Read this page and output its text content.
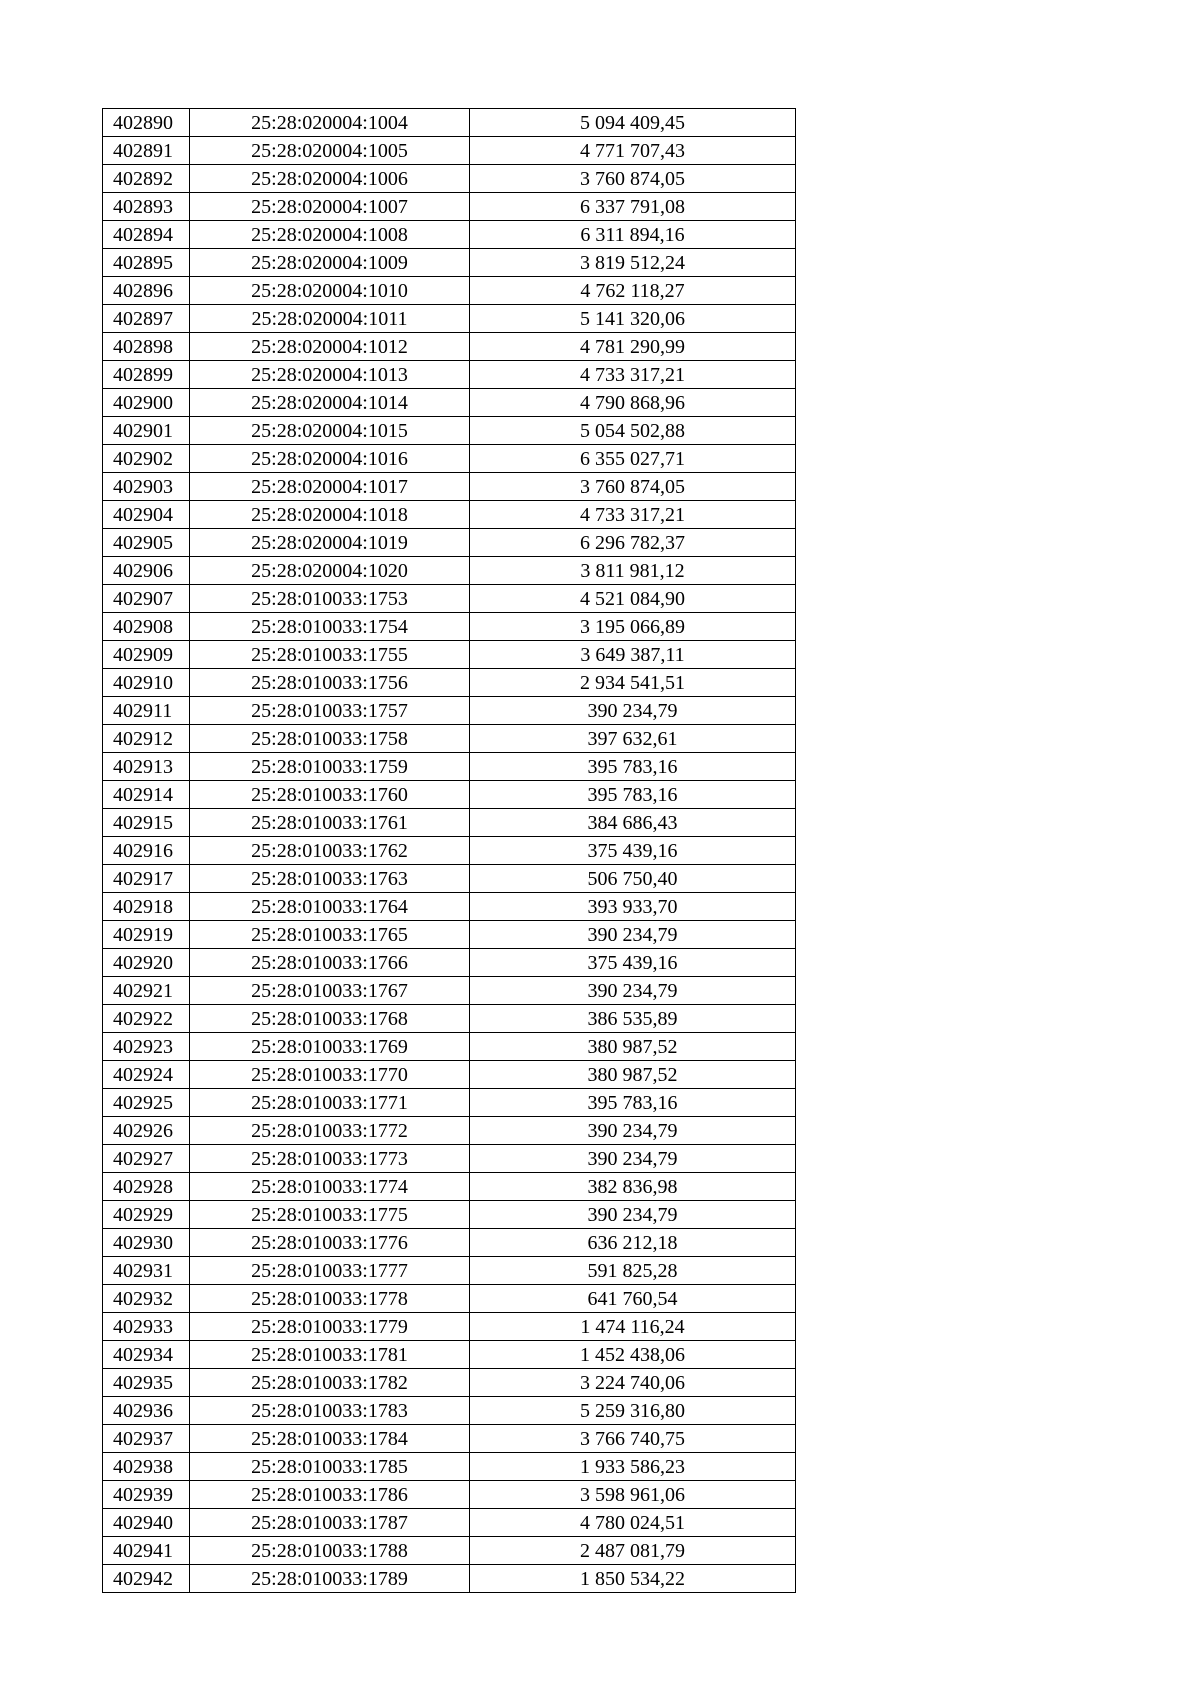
402890	25:28:020004:1004	5 094 409,45
402891	25:28:020004:1005	4 771 707,43
402892	25:28:020004:1006	3 760 874,05
402893	25:28:020004:1007	6 337 791,08
402894	25:28:020004:1008	6 311 894,16
402895	25:28:020004:1009	3 819 512,24
402896	25:28:020004:1010	4 762 118,27
402897	25:28:020004:1011	5 141 320,06
402898	25:28:020004:1012	4 781 290,99
402899	25:28:020004:1013	4 733 317,21
402900	25:28:020004:1014	4 790 868,96
402901	25:28:020004:1015	5 054 502,88
402902	25:28:020004:1016	6 355 027,71
402903	25:28:020004:1017	3 760 874,05
402904	25:28:020004:1018	4 733 317,21
402905	25:28:020004:1019	6 296 782,37
402906	25:28:020004:1020	3 811 981,12
402907	25:28:010033:1753	4 521 084,90
402908	25:28:010033:1754	3 195 066,89
402909	25:28:010033:1755	3 649 387,11
402910	25:28:010033:1756	2 934 541,51
402911	25:28:010033:1757	390 234,79
402912	25:28:010033:1758	397 632,61
402913	25:28:010033:1759	395 783,16
402914	25:28:010033:1760	395 783,16
402915	25:28:010033:1761	384 686,43
402916	25:28:010033:1762	375 439,16
402917	25:28:010033:1763	506 750,40
402918	25:28:010033:1764	393 933,70
402919	25:28:010033:1765	390 234,79
402920	25:28:010033:1766	375 439,16
402921	25:28:010033:1767	390 234,79
402922	25:28:010033:1768	386 535,89
402923	25:28:010033:1769	380 987,52
402924	25:28:010033:1770	380 987,52
402925	25:28:010033:1771	395 783,16
402926	25:28:010033:1772	390 234,79
402927	25:28:010033:1773	390 234,79
402928	25:28:010033:1774	382 836,98
402929	25:28:010033:1775	390 234,79
402930	25:28:010033:1776	636 212,18
402931	25:28:010033:1777	591 825,28
402932	25:28:010033:1778	641 760,54
402933	25:28:010033:1779	1 474 116,24
402934	25:28:010033:1781	1 452 438,06
402935	25:28:010033:1782	3 224 740,06
402936	25:28:010033:1783	5 259 316,80
402937	25:28:010033:1784	3 766 740,75
402938	25:28:010033:1785	1 933 586,23
402939	25:28:010033:1786	3 598 961,06
402940	25:28:010033:1787	4 780 024,51
402941	25:28:010033:1788	2 487 081,79
402942	25:28:010033:1789	1 850 534,22
